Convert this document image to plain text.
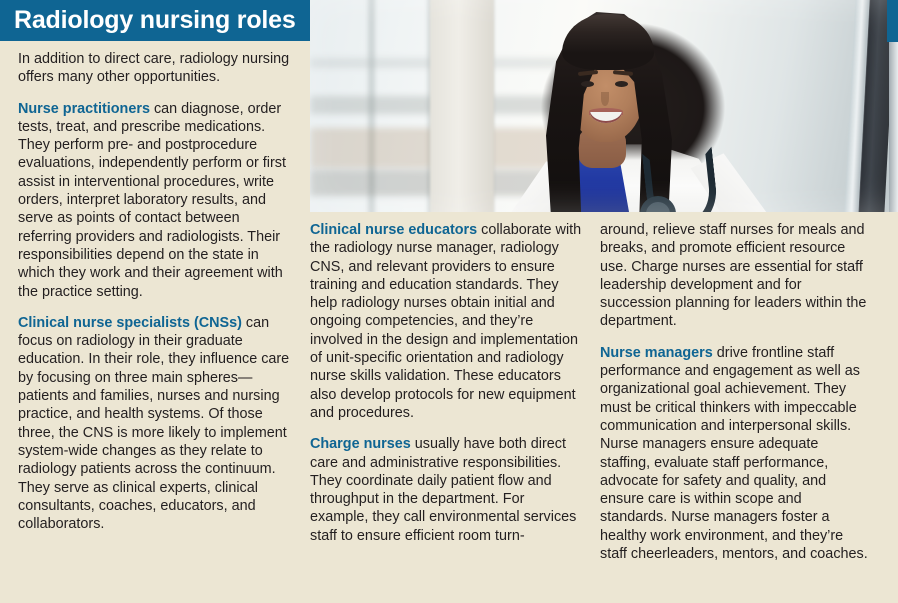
Radiology nursing roles

In addition to direct care, radiology nursing offers many other opportunities.

Nurse practitioners can diagnose, order tests, treat, and prescribe medications. They perform pre- and postprocedure evaluations, independently perform or first assist in interventional procedures, write orders, interpret laboratory results, and serve as points of contact between referring providers and radiologists. Their responsibilities depend on the state in which they work and their agreement with the practice setting.

Clinical nurse specialists (CNSs) can focus on radiology in their graduate education. In their role, they influence care by focusing on three main spheres—patients and families, nurses and nursing practice, and health systems. Of those three, the CNS is more likely to implement system-wide changes as they relate to radiology patients across the continuum. They serve as clinical experts, clinical consultants, coaches, educators, and collaborators.

Clinical nurse educators collaborate with the radiology nurse manager, radiology CNS, and relevant providers to ensure training and education standards. They help radiology nurses obtain initial and ongoing competencies, and they’re involved in the design and implementation of unit-specific orientation and radiology nurse skills validation. These educators also develop protocols for new equipment and procedures.

Charge nurses usually have both direct care and administrative responsibilities. They coordinate daily patient flow and throughput in the department. For example, they call environmental services staff to ensure efficient room turn-

around, relieve staff nurses for meals and breaks, and promote efficient resource use. Charge nurses are essential for staff leadership development and for succession planning for leaders within the department.

Nurse managers drive frontline staff performance and engagement as well as organizational goal achievement. They must be critical thinkers with impeccable communication and interpersonal skills. Nurse managers ensure adequate staffing, evaluate staff performance, advocate for safety and quality, and ensure care is within scope and standards. Nurse managers foster a healthy work environment, and they’re staff cheerleaders, mentors, and coaches.
